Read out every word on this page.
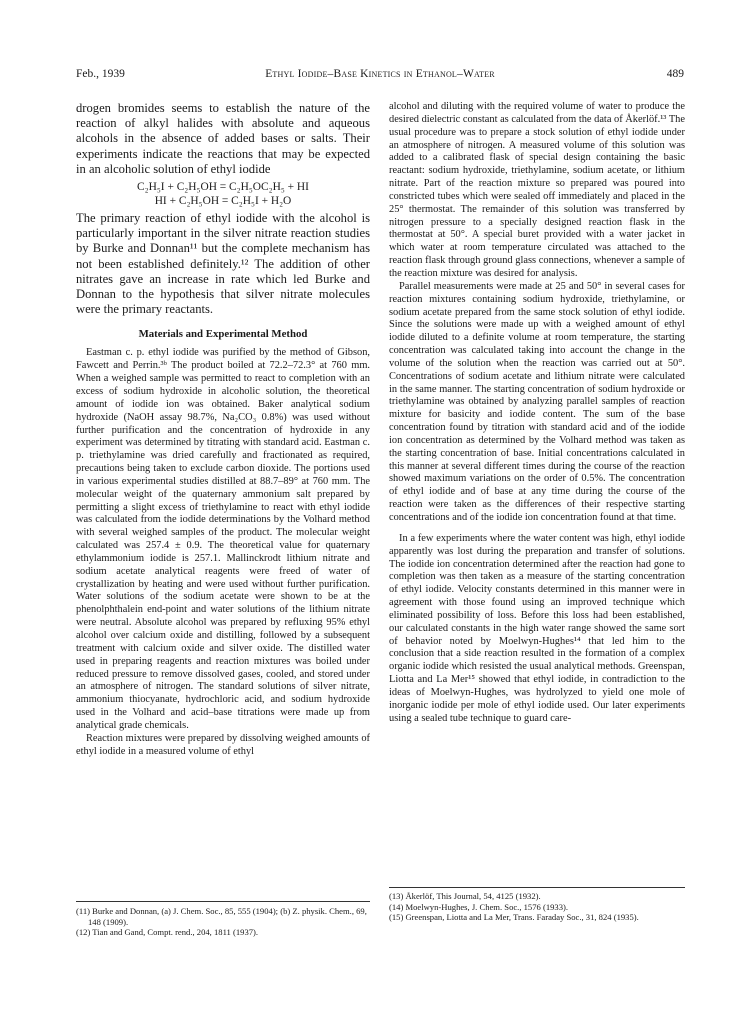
Feb., 1939	Ethyl Iodide–Base Kinetics in Ethanol–Water	489

drogen bromides seems to establish the nature of the reaction of alkyl halides with absolute and aqueous alcohols in the absence of added bases or salts. Their experiments indicate the reactions that may be expected in an alcoholic solution of ethyl iodide

C₂H₅I + C₂H₅OH = C₂H₅OC₂H₅ + HI
HI + C₂H₅OH = C₂H₅I + H₂O

The primary reaction of ethyl iodide with the alcohol is particularly important in the silver nitrate reaction studies by Burke and Donnan¹¹ but the complete mechanism has not been established definitely.¹² The addition of other nitrates gave an increase in rate which led Burke and Donnan to the hypothesis that silver nitrate molecules were the primary reactants.

Materials and Experimental Method

Eastman c. p. ethyl iodide was purified by the method of Gibson, Fawcett and Perrin.³ᵇ The product boiled at 72.2–72.3° at 760 mm. When a weighed sample was permitted to react to completion with an excess of sodium hydroxide in alcoholic solution, the theoretical amount of iodide ion was obtained. Baker analytical sodium hydroxide (NaOH assay 98.7%, Na₂CO₃ 0.8%) was used without further purification and the concentration of hydroxide in any experiment was determined by titrating with standard acid. Eastman c. p. triethylamine was dried carefully and fractionated as required, precautions being taken to exclude carbon dioxide. The portions used in various experimental studies distilled at 88.7–89° at 760 mm. The molecular weight of the quaternary ammonium salt prepared by permitting a slight excess of triethylamine to react with ethyl iodide was calculated from the iodide determinations by the Volhard method with several weighed samples of the product. The molecular weight calculated was 257.4 ± 0.9. The theoretical value for quaternary ethylammonium iodide is 257.1. Mallinckrodt lithium nitrate and sodium acetate analytical reagents were freed of water of crystallization by heating and were used without further purification. Water solutions of the sodium acetate were shown to be at the phenolphthalein end-point and water solutions of the lithium nitrate were neutral. Absolute alcohol was prepared by refluxing 95% ethyl alcohol over calcium oxide and distilling, followed by a subsequent treatment with calcium oxide and silver oxide. The distilled water used in preparing reagents and reaction mixtures was boiled under reduced pressure to remove dissolved gases, cooled, and stored under an atmosphere of nitrogen. The standard solutions of silver nitrate, ammonium thiocyanate, hydrochloric acid, and sodium hydroxide used in the Volhard and acid–base titrations were made up from analytical grade chemicals.

Reaction mixtures were prepared by dissolving weighed amounts of ethyl iodide in a measured volume of ethyl

alcohol and diluting with the required volume of water to produce the desired dielectric constant as calculated from the data of Åkerlöf.¹³ The usual procedure was to prepare a stock solution of ethyl iodide under an atmosphere of nitrogen. A measured volume of this solution was added to a calibrated flask of special design containing the basic reactant: sodium hydroxide, triethylamine, sodium acetate, or lithium nitrate. Part of the reaction mixture so prepared was poured into constricted tubes which were sealed off immediately and placed in the 25° thermostat. The remainder of this solution was transferred by nitrogen pressure to a specially designed reaction flask in the thermostat at 50°. A special buret provided with a water jacket in which water at room temperature circulated was attached to the reaction flask through ground glass connections, whenever a sample of the reaction mixture was desired for analysis.

Parallel measurements were made at 25 and 50° in several cases for reaction mixtures containing sodium hydroxide, triethylamine, or sodium acetate prepared from the same stock solution of ethyl iodide. Since the solutions were made up with a weighed amount of ethyl iodide diluted to a definite volume at room temperature, the starting concentration was calculated taking into account the change in the volume of the solution when the reaction was carried out at 50°. Concentrations of sodium acetate and lithium nitrate were calculated in the same manner. The starting concentration of sodium hydroxide or triethylamine was obtained by analyzing parallel samples of reaction mixture for basicity and iodide content. The sum of the base concentration found by titration with standard acid and of the iodide ion concentration as determined by the Volhard method was taken as the starting concentration of base. Initial concentrations calculated in this manner at several different times during the course of the reaction showed maximum variations on the order of 0.5%. The concentration of ethyl iodide and of base at any time during the course of the reaction were taken as the differences of their respective starting concentrations and of the iodide ion concentration found at that time.

In a few experiments where the water content was high, ethyl iodide apparently was lost during the preparation and transfer of solutions. The iodide ion concentration determined after the reaction had gone to completion was then taken as a measure of the starting concentration of ethyl iodide. Velocity constants determined in this manner were in agreement with those found using an improved technique which eliminated possibility of loss. Before this loss had been established, our calculated constants in the high water range showed the same sort of behavior noted by Moelwyn-Hughes¹⁴ that led him to the conclusion that a side reaction resulted in the formation of a complex organic iodide which resisted the usual analytical methods. Greenspan, Liotta and La Mer¹⁵ showed that ethyl iodide, in contradiction to the ideas of Moelwyn-Hughes, was hydrolyzed to yield one mole of inorganic iodide per mole of ethyl iodide used. Our later experiments using a sealed tube technique to guard care-

(11) Burke and Donnan, (a) J. Chem. Soc., 85, 555 (1904); (b) Z. physik. Chem., 69, 148 (1909).

(12) Tian and Gand, Compt. rend., 204, 1811 (1937).

(13) Åkerlöf, This Journal, 54, 4125 (1932).

(14) Moelwyn-Hughes, J. Chem. Soc., 1576 (1933).

(15) Greenspan, Liotta and La Mer, Trans. Faraday Soc., 31, 824 (1935).
